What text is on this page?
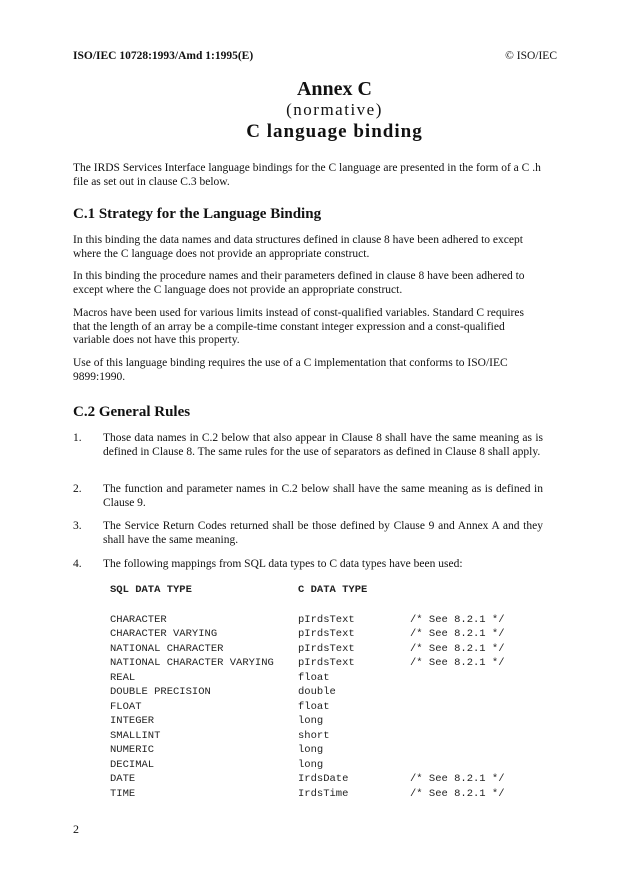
ISO/IEC 10728:1993/Amd 1:1995(E)	© ISO/IEC
Annex C
(normative)
C language binding
The IRDS Services Interface language bindings for the C language are presented in the form of a C .h file as set out in clause C.3 below.
C.1 Strategy for the Language Binding
In this binding the data names and data structures defined in clause 8 have been adhered to except where the C language does not provide an appropriate construct.
In this binding the procedure names and their parameters defined in clause 8 have been adhered to except where the C language does not provide an appropriate construct.
Macros have been used for various limits instead of const-qualified variables. Standard C requires that the length of an array be a compile-time constant integer expression and a const-qualified variable does not have this property.
Use of this language binding requires the use of a C implementation that conforms to ISO/IEC 9899:1990.
C.2 General Rules
1. Those data names in C.2 below that also appear in Clause 8 shall have the same meaning as is defined in Clause 8. The same rules for the use of separators as defined in Clause 8 shall apply.
2. The function and parameter names in C.2 below shall have the same meaning as is defined in Clause 9.
3. The Service Return Codes returned shall be those defined by Clause 9 and Annex A and they shall have the same meaning.
4. The following mappings from SQL data types to C data types have been used:
SQL DATA TYPE	C DATA TYPE
CHARACTER	pIrdsText	/* See 8.2.1 */
CHARACTER VARYING	pIrdsText	/* See 8.2.1 */
NATIONAL CHARACTER	pIrdsText	/* See 8.2.1 */
NATIONAL CHARACTER VARYING pIrdsText	/* See 8.2.1 */
REAL	float
DOUBLE PRECISION	double
FLOAT	float
INTEGER	long
SMALLINT	short
NUMERIC	long
DECIMAL	long
DATE	IrdsDate	/* See 8.2.1 */
TIME	IrdsTime	/* See 8.2.1 */
2
